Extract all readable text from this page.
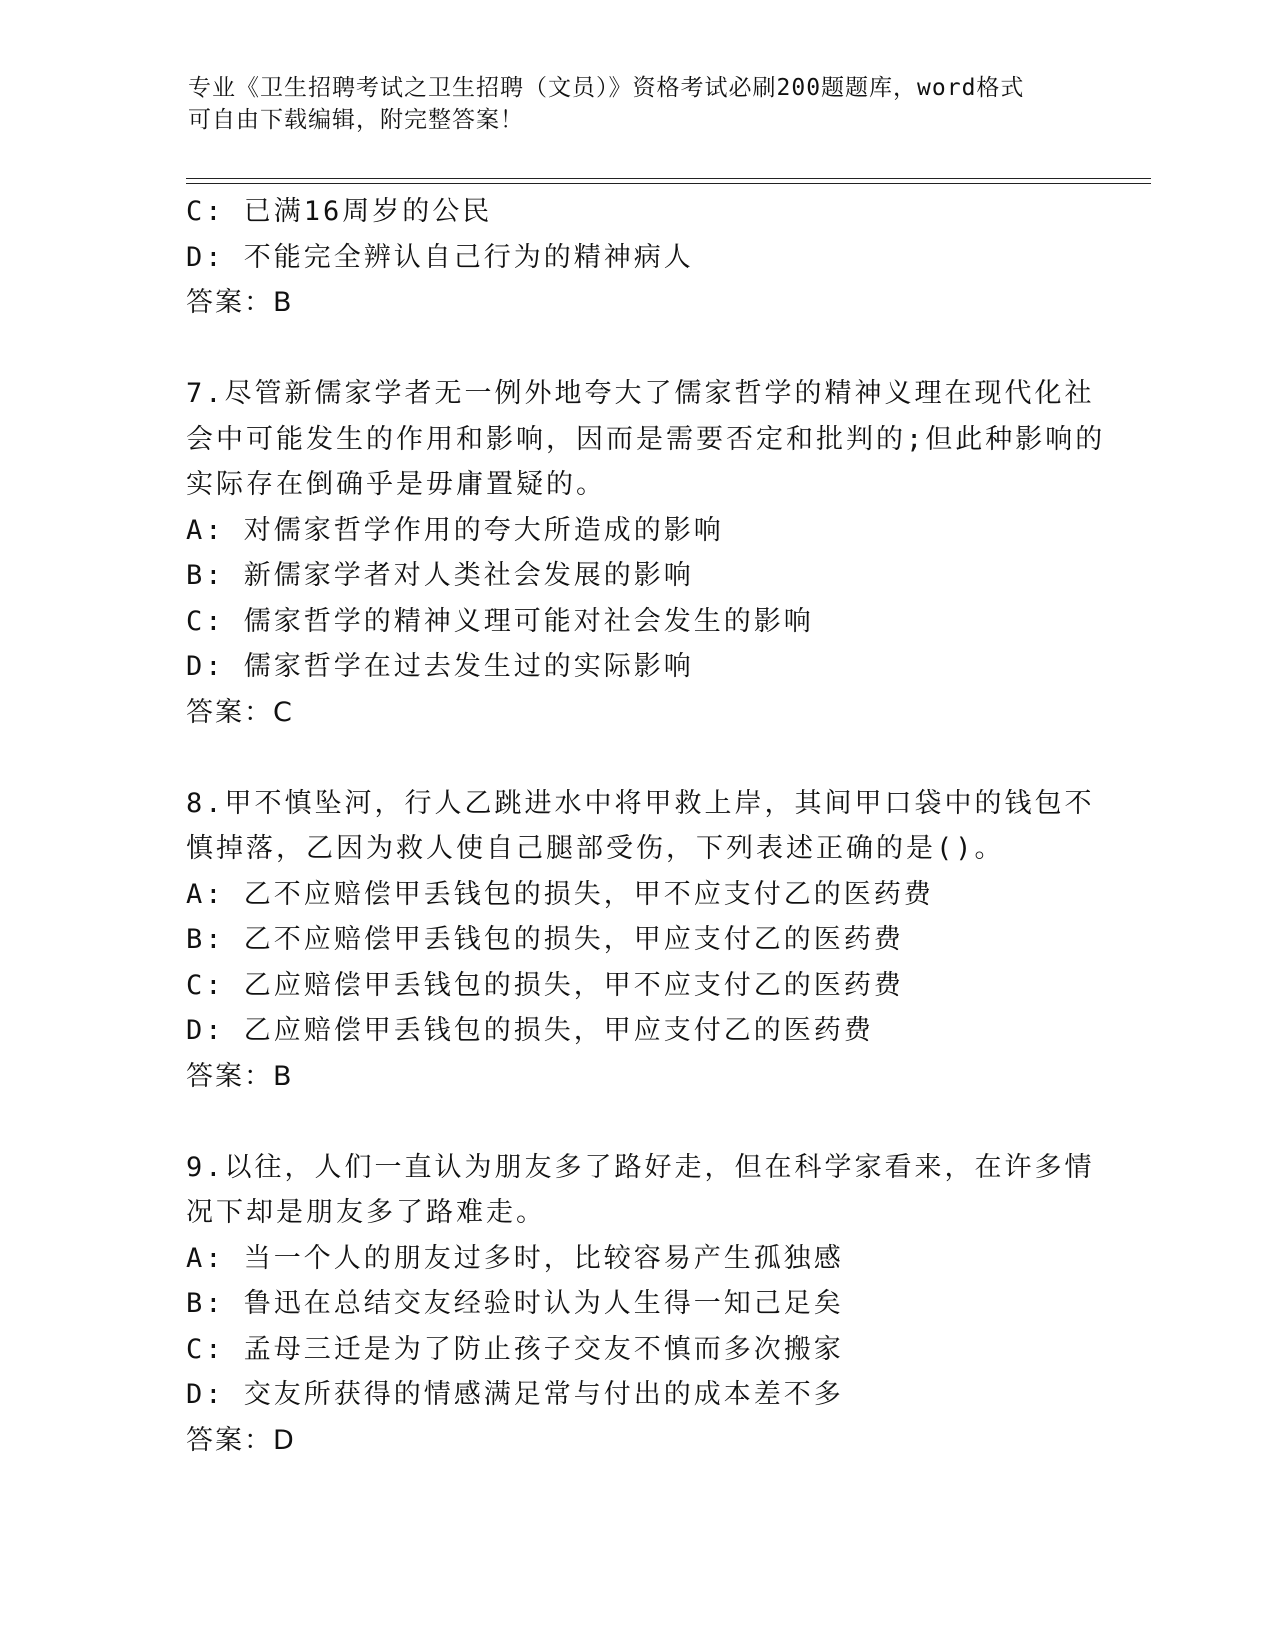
专业《卫生招聘考试之卫生招聘（文员）》资格考试必刷200题题库，word格式
可自由下载编辑，附完整答案！
C: 已满16周岁的公民
D: 不能完全辨认自己行为的精神病人
答案：B
7.尽管新儒家学者无一例外地夸大了儒家哲学的精神义理在现代化社
会中可能发生的作用和影响，因而是需要否定和批判的;但此种影响的
实际存在倒确乎是毋庸置疑的。
A: 对儒家哲学作用的夸大所造成的影响
B: 新儒家学者对人类社会发展的影响
C: 儒家哲学的精神义理可能对社会发生的影响
D: 儒家哲学在过去发生过的实际影响
答案：C
8.甲不慎坠河，行人乙跳进水中将甲救上岸，其间甲口袋中的钱包不
慎掉落，乙因为救人使自己腿部受伤，下列表述正确的是()。
A: 乙不应赔偿甲丢钱包的损失，甲不应支付乙的医药费
B: 乙不应赔偿甲丢钱包的损失，甲应支付乙的医药费
C: 乙应赔偿甲丢钱包的损失，甲不应支付乙的医药费
D: 乙应赔偿甲丢钱包的损失，甲应支付乙的医药费
答案：B
9.以往，人们一直认为朋友多了路好走，但在科学家看来，在许多情
况下却是朋友多了路难走。
A: 当一个人的朋友过多时，比较容易产生孤独感
B: 鲁迅在总结交友经验时认为人生得一知己足矣
C: 孟母三迁是为了防止孩子交友不慎而多次搬家
D: 交友所获得的情感满足常与付出的成本差不多
答案：D
